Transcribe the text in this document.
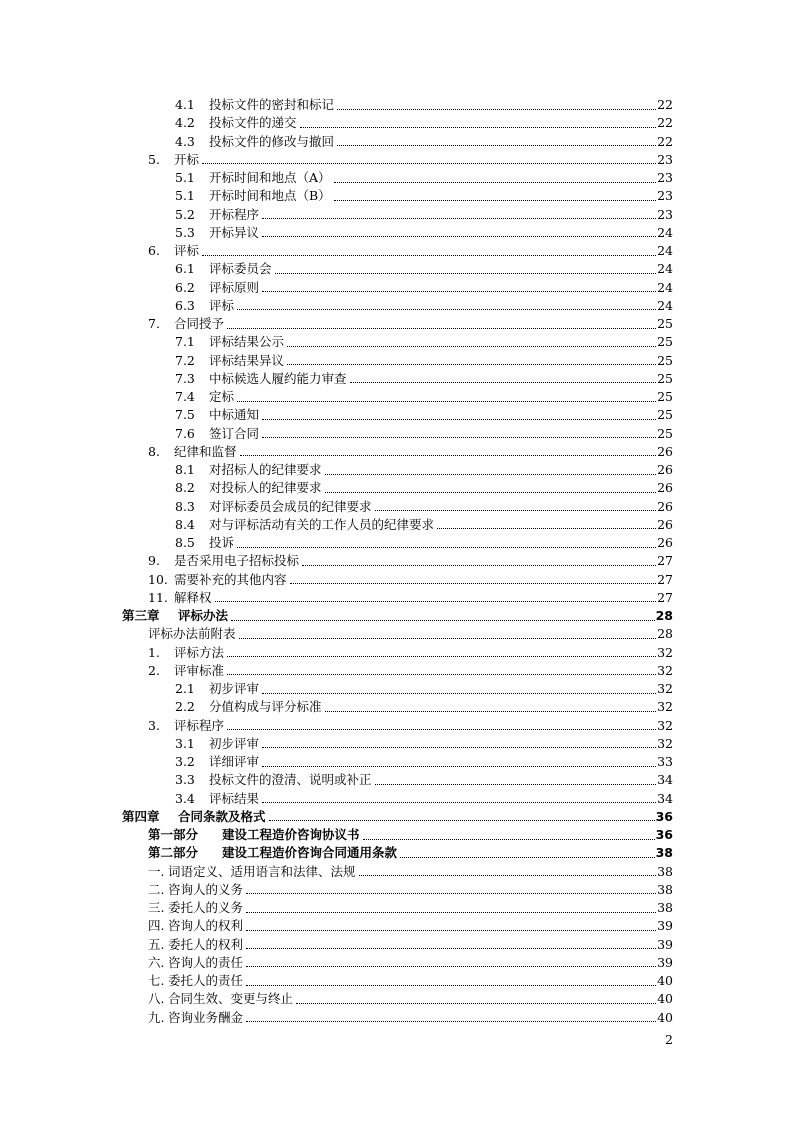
4.1	投标文件的密封和标记	22
4.2	投标文件的递交	22
4.3	投标文件的修改与撤回	22
5.	开标	23
5.1	开标时间和地点（A）	23
5.1	开标时间和地点（B）	23
5.2	开标程序	23
5.3	开标异议	24
6.	评标	24
6.1	评标委员会	24
6.2	评标原则	24
6.3	评标	24
7.	合同授予	25
7.1	评标结果公示	25
7.2	评标结果异议	25
7.3	中标候选人履约能力审查	25
7.4	定标	25
7.5	中标通知	25
7.6	签订合同	25
8.	纪律和监督	26
8.1	对招标人的纪律要求	26
8.2	对投标人的纪律要求	26
8.3	对评标委员会成员的纪律要求	26
8.4	对与评标活动有关的工作人员的纪律要求	26
8.5	投诉	26
9.	是否采用电子招标投标	27
10. 需要补充的其他内容	27
11. 解释权	27
第三章	评标办法	28
评标办法前附表	28
1.	评标方法	32
2.	评审标准	32
2.1	初步评审	32
2.2	分值构成与评分标准	32
3.	评标程序	32
3.1	初步评审	32
3.2	详细评审	33
3.3	投标文件的澄清、说明或补正	34
3.4	评标结果	34
第四章	合同条款及格式	36
第一部分	建设工程造价咨询协议书	36
第二部分	建设工程造价咨询合同通用条款	38
一. 词语定义、适用语言和法律、法规	38
二. 咨询人的义务	38
三. 委托人的义务	38
四. 咨询人的权利	39
五. 委托人的权利	39
六. 咨询人的责任	39
七. 委托人的责任	40
八. 合同生效、变更与终止	40
九. 咨询业务酬金	40
2
